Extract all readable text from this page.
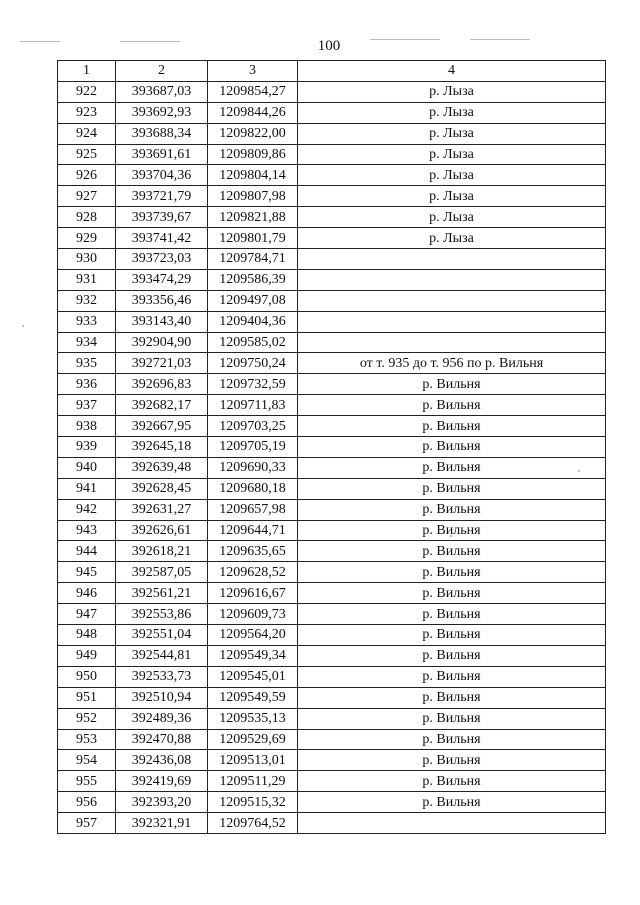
100
1	2	3	4
922	393687,03	1209854,27	р. Лыза
923	393692,93	1209844,26	р. Лыза
924	393688,34	1209822,00	р. Лыза
925	393691,61	1209809,86	р. Лыза
926	393704,36	1209804,14	р. Лыза
927	393721,79	1209807,98	р. Лыза
928	393739,67	1209821,88	р. Лыза
929	393741,42	1209801,79	р. Лыза
930	393723,03	1209784,71	
931	393474,29	1209586,39	
932	393356,46	1209497,08	
933	393143,40	1209404,36	
934	392904,90	1209585,02	
935	392721,03	1209750,24	от т. 935 до т. 956 по р. Вильня
936	392696,83	1209732,59	р. Вильня
937	392682,17	1209711,83	р. Вильня
938	392667,95	1209703,25	р. Вильня
939	392645,18	1209705,19	р. Вильня
940	392639,48	1209690,33	р. Вильня
941	392628,45	1209680,18	р. Вильня
942	392631,27	1209657,98	р. Вильня
943	392626,61	1209644,71	р. Вильня
944	392618,21	1209635,65	р. Вильня
945	392587,05	1209628,52	р. Вильня
946	392561,21	1209616,67	р. Вильня
947	392553,86	1209609,73	р. Вильня
948	392551,04	1209564,20	р. Вильня
949	392544,81	1209549,34	р. Вильня
950	392533,73	1209545,01	р. Вильня
951	392510,94	1209549,59	р. Вильня
952	392489,36	1209535,13	р. Вильня
953	392470,88	1209529,69	р. Вильня
954	392436,08	1209513,01	р. Вильня
955	392419,69	1209511,29	р. Вильня
956	392393,20	1209515,32	р. Вильня
957	392321,91	1209764,52	
